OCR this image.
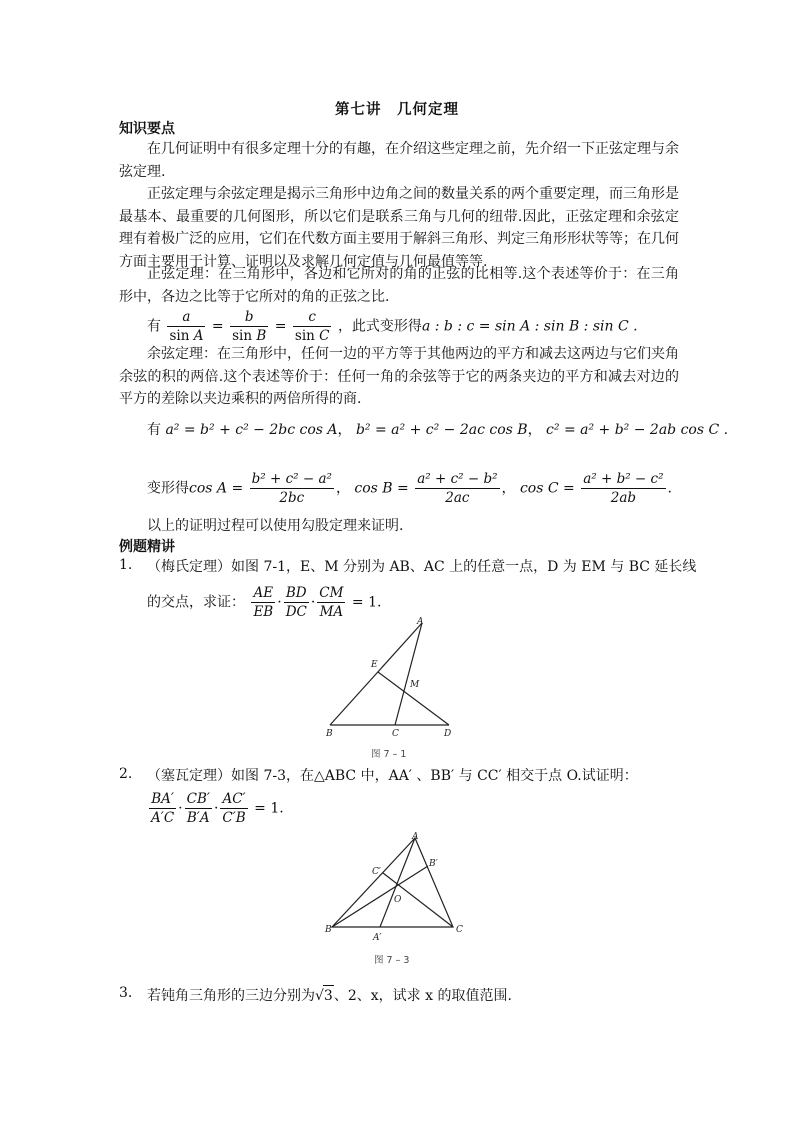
第七讲　几何定理
知识要点
在几何证明中有很多定理十分的有趣，在介绍这些定理之前，先介绍一下正弦定理与余弦定理.
正弦定理与余弦定理是揭示三角形中边角之间的数量关系的两个重要定理，而三角形是最基本、最重要的几何图形，所以它们是联系三角与几何的纽带.因此，正弦定理和余弦定理有着极广泛的应用，它们在代数方面主要用于解斜三角形、判定三角形形状等等；在几何方面主要用于计算、证明以及求解几何定值与几何最值等等.
正弦定理：在三角形中，各边和它所对的角的正弦的比相等.这个表述等价于：在三角形中，各边之比等于它所对的角的正弦之比.
有 $\frac{a}{\text{sin A}} = \frac{b}{\text{sin B}} = \frac{c}{\text{sin C}}$ ，此式变形得a : b : c = sin A : sin B : sin C .
余弦定理：在三角形中，任何一边的平方等于其他两边的平方和减去这两边与它们夹角余弦的积的两倍.这个表述等价于：任何一角的余弦等于它的两条夹边的平方和减去对边的平方的差除以夹边乘积的两倍所得的商.
有 a² = b² + c² − 2bc cos A， b² = a² + c² − 2ac cos B， c² = a² + b² − 2ab cos C .
变形得$\cos A = \frac{\text{b² + c² − a²}}{2bc}$ ， $\cos B = \frac{\text{a² + c² − b²}}{2ac}$ ， $\cos C = \frac{\text{a² + b² − c²}}{2ab}$ .
以上的证明过程可以使用勾股定理来证明.
例题精讲
1. （梅氏定理）如图 7-1，E、M 分别为 AB、AC 上的任意一点，D 为 EM 与 BC 延长线
的交点，求证： $\frac{AE}{EB} \cdot \frac{BD}{DC} \cdot \frac{CM}{MA} = 1$.
A
B	C	D
E
M
图 7 – 1
2. （塞瓦定理）如图 7-3，在△ABC 中，AA′ 、BB′ 与 CC′ 相交于点 O.试证明：
$\frac{BA'}{A'C} \cdot \frac{CB'}{B'A} \cdot \frac{AC'}{C'B} = 1$.
A
B	C
A′
B′
C′
O
图 7 – 3
3. 若钝角三角形的三边分别为√3、2、x，试求 x 的取值范围.
